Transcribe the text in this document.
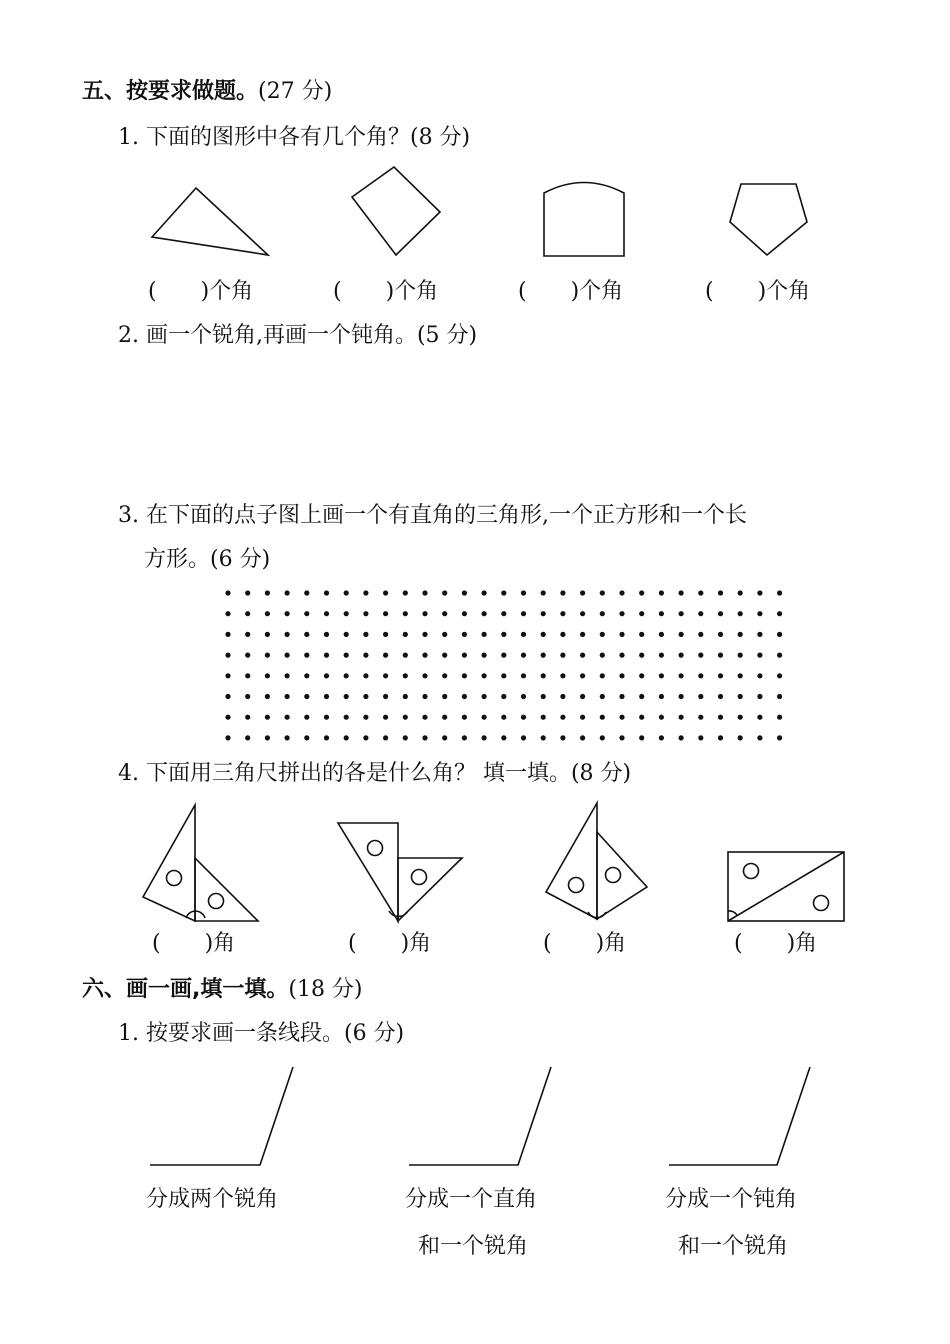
五、按要求做题。(27 分)
1. 下面的图形中各有几个角？(8 分)
(　　)个角	(　　)个角	(　　)个角	(　　)个角
2. 画一个锐角,再画一个钝角。(5 分)
3. 在下面的点子图上画一个有直角的三角形,一个正方形和一个长
方形。(6 分)
4. 下面用三角尺拼出的各是什么角？ 填一填。(8 分)
(　　)角	(　　)角	(　　)角	(　　)角
六、画一画,填一填。(18 分)
1. 按要求画一条线段。(6 分)
分成两个锐角	分成一个直角
和一个锐角
分成一个钝角
和一个锐角
